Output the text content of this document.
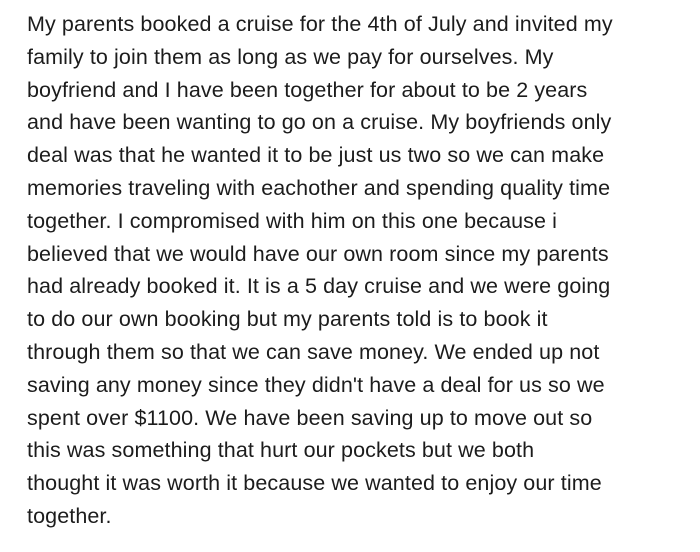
My parents booked a cruise for the 4th of July and invited my
family to join them as long as we pay for ourselves. My
boyfriend and I have been together for about to be 2 years
and have been wanting to go on a cruise. My boyfriends only
deal was that he wanted it to be just us two so we can make
memories traveling with eachother and spending quality time
together. I compromised with him on this one because i
believed that we would have our own room since my parents
had already booked it. It is a 5 day cruise and we were going
to do our own booking but my parents told is to book it
through them so that we can save money. We ended up not
saving any money since they didn't have a deal for us so we
spent over $1100. We have been saving up to move out so
this was something that hurt our pockets but we both
thought it was worth it because we wanted to enjoy our time
together.
